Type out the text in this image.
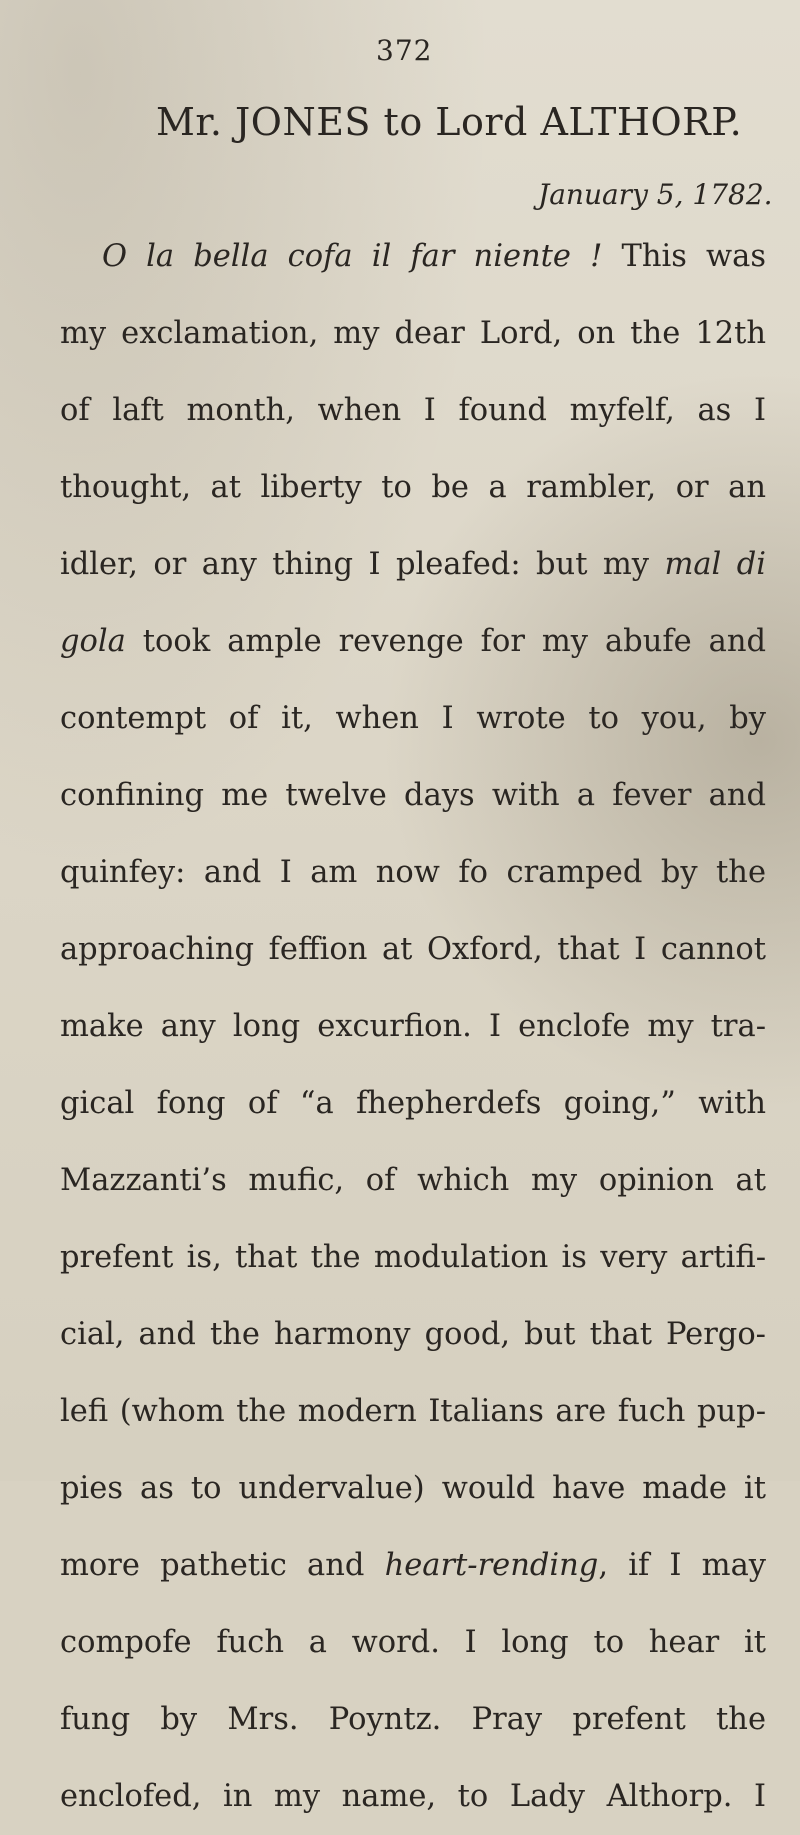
372
Mr. JONES to Lord ALTHORP.
January 5, 1782.
O la bella cofa il far niente ! This was
my exclamation, my dear Lord, on the 12th
of laft month, when I found myfelf, as I
thought, at liberty to be a rambler, or an
idler, or any thing I pleafed: but my mal di
gola took ample revenge for my abufe and
contempt of it, when I wrote to you, by
confining me twelve days with a fever and
quinfey: and I am now fo cramped by the
approaching feffion at Oxford, that I cannot
make any long excurfion. I enclofe my tra-
gical fong of “a fhepherdefs going,” with
Mazzanti’s mufic, of which my opinion at
prefent is, that the modulation is very artifi-
cial, and the harmony good, but that Pergo-
lefi (whom the modern Italians are fuch pup-
pies as to undervalue) would have made it
more pathetic and heart-rending, if I may
compofe fuch a word. I long to hear it
fung by Mrs. Poyntz. Pray prefent the
enclofed, in my name, to Lady Althorp. I
